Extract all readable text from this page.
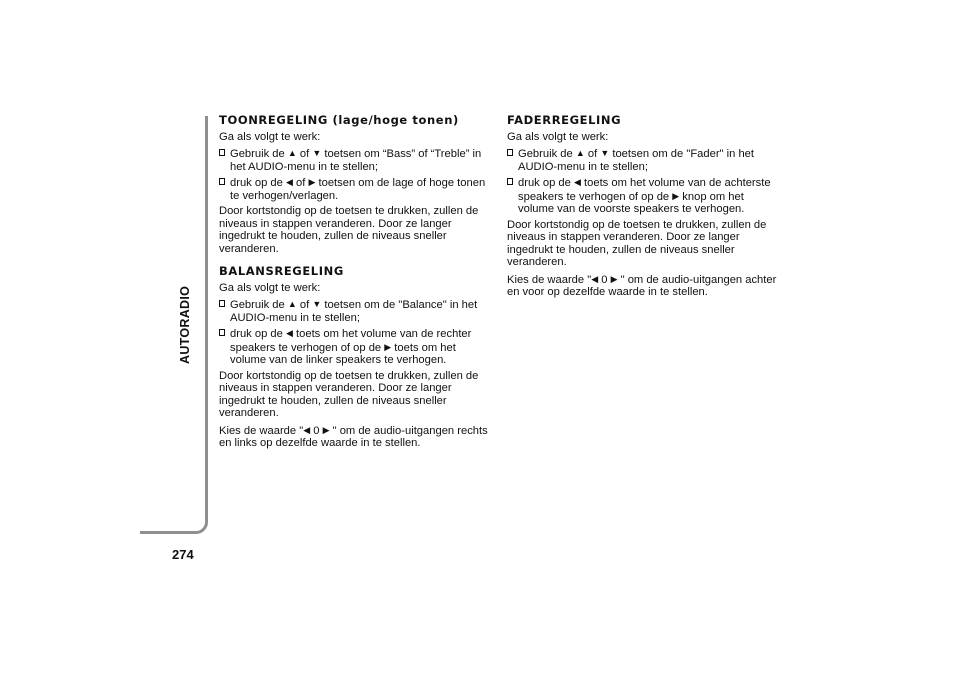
AUTORADIO
274
TOONREGELING (lage/hoge tonen)

Ga als volgt te werk:

Gebruik de ▲ of ▼ toetsen om “Bass” of “Treble” in het AUDIO-menu in te stellen;
druk op de ◀ of ▶ toetsen om de lage of hoge tonen te verhogen/verlagen.

Door kortstondig op de toetsen te drukken, zullen de niveaus in stappen veranderen. Door ze langer ingedrukt te houden, zullen de niveaus sneller veranderen.

BALANSREGELING

Ga als volgt te werk:

Gebruik de ▲ of ▼ toetsen om de "Balance" in het AUDIO-menu in te stellen;
druk op de ◀ toets om het volume van de rechter speakers te verhogen of op de ▶ toets om het volume van de linker speakers te verhogen.

Door kortstondig op de toetsen te drukken, zullen de niveaus in stappen veranderen. Door ze langer ingedrukt te houden, zullen de niveaus sneller veranderen.

Kies de waarde "◀ 0 ▶ " om de audio-uitgangen rechts en links op dezelfde waarde in te stellen.

FADERREGELING

Ga als volgt te werk:

Gebruik de ▲ of ▼ toetsen om de "Fader" in het AUDIO-menu in te stellen;
druk op de ◀ toets om het volume van de achterste speakers te verhogen of op de ▶ knop om het volume van de voorste speakers te verhogen.

Door kortstondig op de toetsen te drukken, zullen de niveaus in stappen veranderen. Door ze langer ingedrukt te houden, zullen de niveaus sneller veranderen.

Kies de waarde "◀ 0 ▶ " om de audio-uitgangen achter en voor op dezelfde waarde in te stellen.
